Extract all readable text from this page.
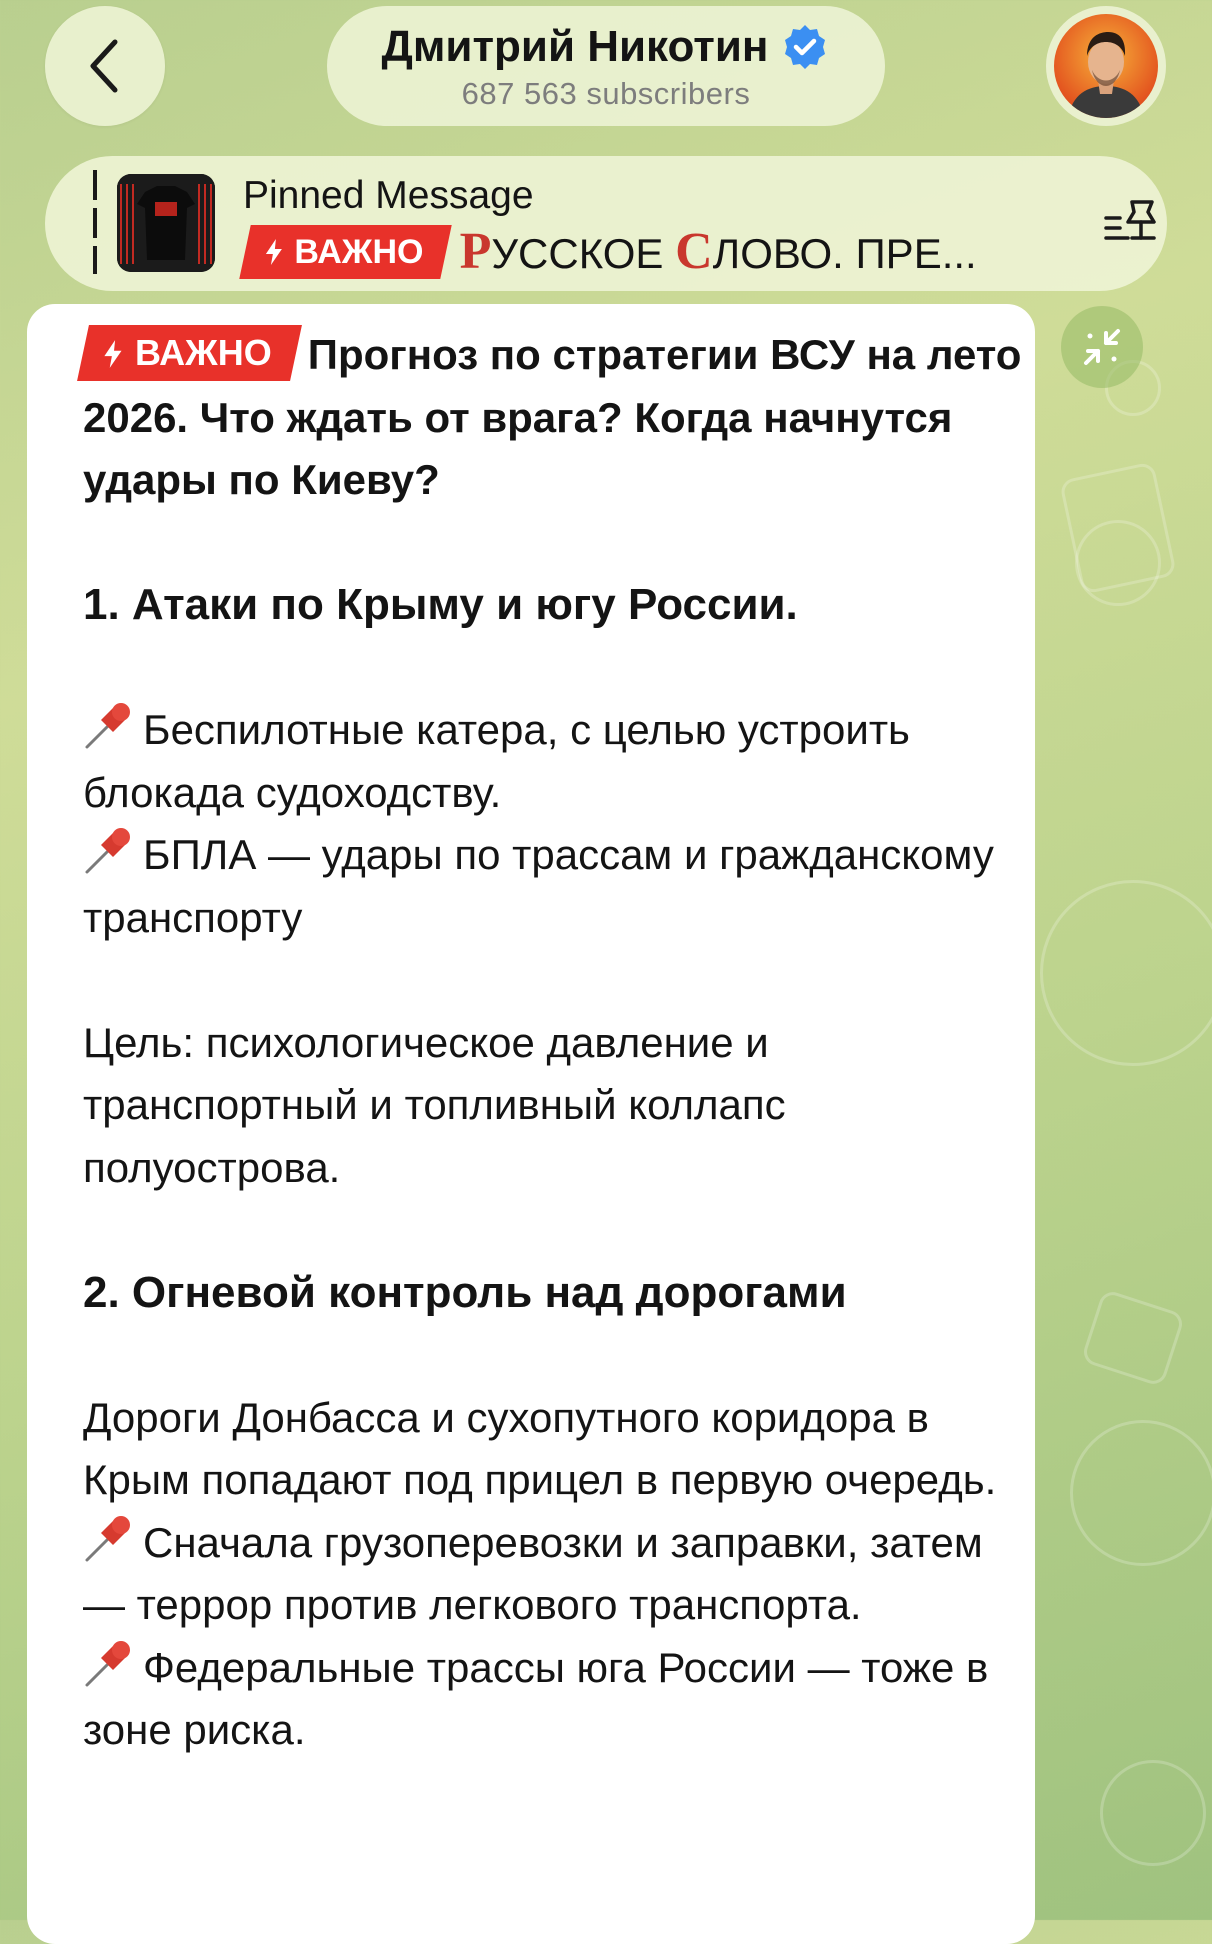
Дмитрий Никотин
687 563 subscribers
Pinned Message
ВАЖНО РУССКОЕ СЛОВО. ПРЕ...

ВАЖНО Прогноз по стратегии ВСУ на лето 2026. Что ждать от врага? Когда начнутся удары по Киеву?

1. Атаки по Крыму и югу России.

Беспилотные катера, с целью устроить блокада судоходству.

БПЛА — удары по трассам и гражданскому транспорту

Цель: психологическое давление и транспортный и топливный коллапс полуострова.

2. Огневой контроль над дорогами

Дороги Донбасса и сухопутного коридора в Крым попадают под прицел в первую очередь.

Сначала грузоперевозки и заправки, затем — террор против легкового транспорта.

Федеральные трассы юга России — тоже в зоне риска.
